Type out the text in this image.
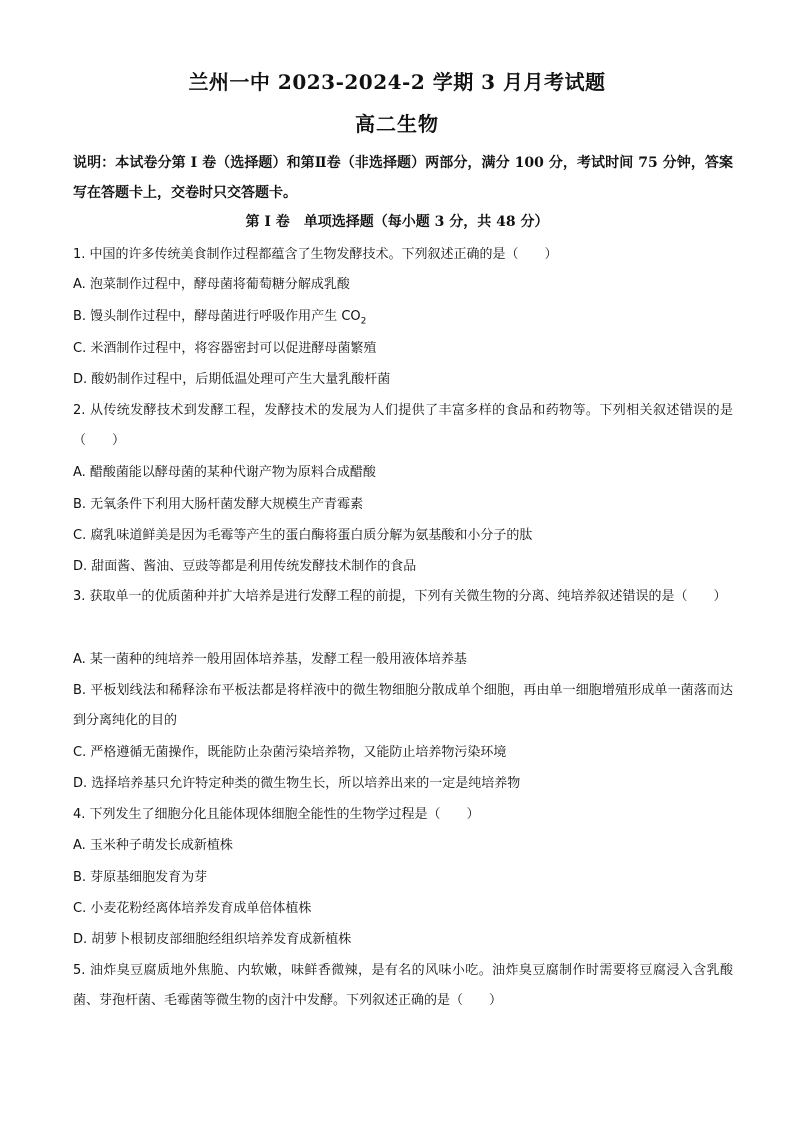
兰州一中 2023-2024-2 学期 3 月月考试题
高二生物
说明：本试卷分第 I 卷（选择题）和第Ⅱ卷（非选择题）两部分，满分 100 分，考试时间 75 分钟，答案写在答题卡上，交卷时只交答题卡。
第 I 卷　单项选择题（每小题 3 分，共 48 分）
1. 中国的许多传统美食制作过程都蕴含了生物发酵技术。下列叙述正确的是（　　）
A. 泡菜制作过程中，酵母菌将葡萄糖分解成乳酸
B. 馒头制作过程中，酵母菌进行呼吸作用产生 $CO_2$
C. 米酒制作过程中，将容器密封可以促进酵母菌繁殖
D. 酸奶制作过程中，后期低温处理可产生大量乳酸杆菌
2. 从传统发酵技术到发酵工程，发酵技术的发展为人们提供了丰富多样的食品和药物等。下列相关叙述错误的是（　　）
A. 醋酸菌能以酵母菌的某种代谢产物为原料合成醋酸
B. 无氧条件下利用大肠杆菌发酵大规模生产青霉素
C. 腐乳味道鲜美是因为毛霉等产生的蛋白酶将蛋白质分解为氨基酸和小分子的肽
D. 甜面酱、酱油、豆豉等都是利用传统发酵技术制作的食品
3. 获取单一的优质菌种并扩大培养是进行发酵工程的前提，下列有关微生物的分离、纯培养叙述错误的是（　　）
A. 某一菌种的纯培养一般用固体培养基，发酵工程一般用液体培养基
B. 平板划线法和稀释涂布平板法都是将样液中的微生物细胞分散成单个细胞，再由单一细胞增殖形成单一菌落而达到分离纯化的目的
C. 严格遵循无菌操作，既能防止杂菌污染培养物，又能防止培养物污染环境
D. 选择培养基只允许特定种类的微生物生长，所以培养出来的一定是纯培养物
4. 下列发生了细胞分化且能体现体细胞全能性的生物学过程是（　　）
A. 玉米种子萌发长成新植株
B. 芽原基细胞发育为芽
C. 小麦花粉经离体培养发育成单倍体植株
D. 胡萝卜根韧皮部细胞经组织培养发育成新植株
5. 油炸臭豆腐质地外焦脆、内软嫩，味鲜香微辣，是有名的风味小吃。油炸臭豆腐制作时需要将豆腐浸入含乳酸菌、芽孢杆菌、毛霉菌等微生物的卤汁中发酵。下列叙述正确的是（　　）
